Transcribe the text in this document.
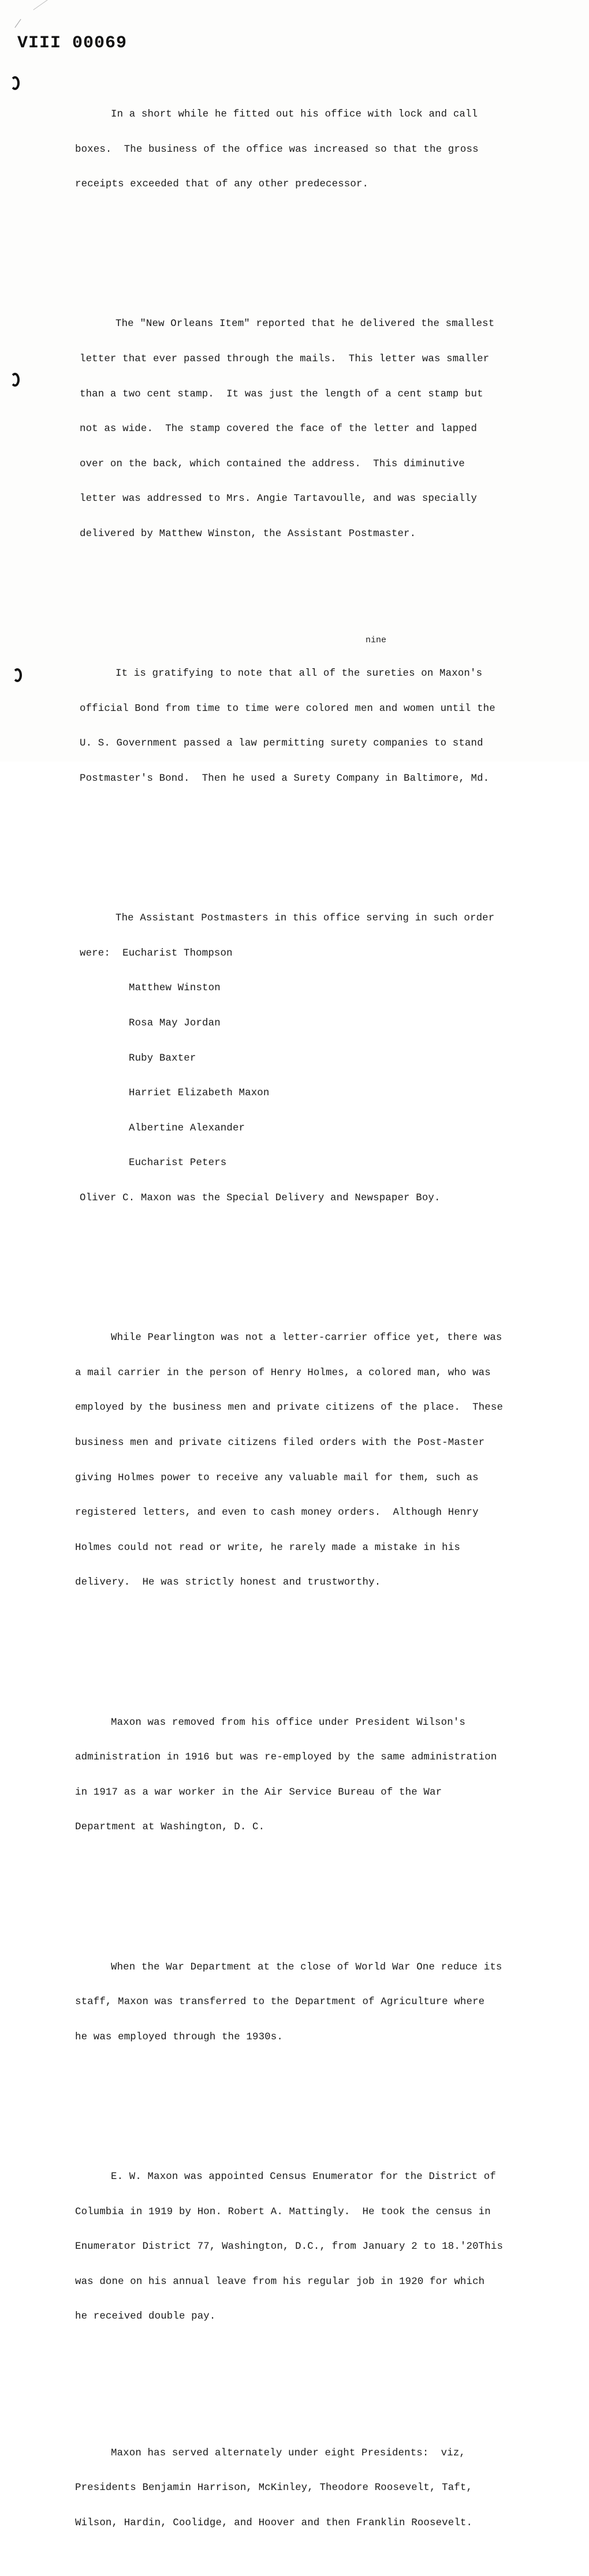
VIII 00069
nine

In a short while he fitted out his office with lock and call

boxes.  The business of the office was increased so that the gross

receipts exceeded that of any other predecessor.

The "New Orleans Item" reported that he delivered the smallest

letter that ever passed through the mails.  This letter was smaller

than a two cent stamp.  It was just the length of a cent stamp but

not as wide.  The stamp covered the face of the letter and lapped

over on the back, which contained the address.  This diminutive

letter was addressed to Mrs. Angie Tartavoulle, and was specially

delivered by Matthew Winston, the Assistant Postmaster.

It is gratifying to note that all of the sureties on Maxon's

official Bond from time to time were colored men and women until the

U. S. Government passed a law permitting surety companies to stand

Postmaster's Bond.  Then he used a Surety Company in Baltimore, Md.

The Assistant Postmasters in this office serving in such order

were: Eucharist Thompson

Matthew Winston

Rosa May Jordan

Ruby Baxter

Harriet Elizabeth Maxon

Albertine Alexander

Eucharist Peters

Oliver C. Maxon was the Special Delivery and Newspaper Boy.

While Pearlington was not a letter-carrier office yet, there was

a mail carrier in the person of Henry Holmes, a colored man, who was

employed by the business men and private citizens of the place.  These

business men and private citizens filed orders with the Post-Master

giving Holmes power to receive any valuable mail for them, such as

registered letters, and even to cash money orders.  Although Henry

Holmes could not read or write, he rarely made a mistake in his

delivery.  He was strictly honest and trustworthy.

Maxon was removed from his office under President Wilson's

administration in 1916 but was re-employed by the same administration

in 1917 as a war worker in the Air Service Bureau of the War

Department at Washington, D. C.

When the War Department at the close of World War One reduce its

staff, Maxon was transferred to the Department of Agriculture where

he was employed through the 1930s.

E. W. Maxon was appointed Census Enumerator for the District of

Columbia in 1919 by Hon. Robert A. Mattingly.  He took the census in

Enumerator District 77, Washington, D.C., from January 2 to 18.'20This

was done on his annual leave from his regular job in 1920 for which

he received double pay.

Maxon has served alternately under eight Presidents:  viz,

Presidents Benjamin Harrison, McKinley, Theodore Roosevelt, Taft,

Wilson, Hardin, Coolidge, and Hoover and then Franklin Roosevelt.
